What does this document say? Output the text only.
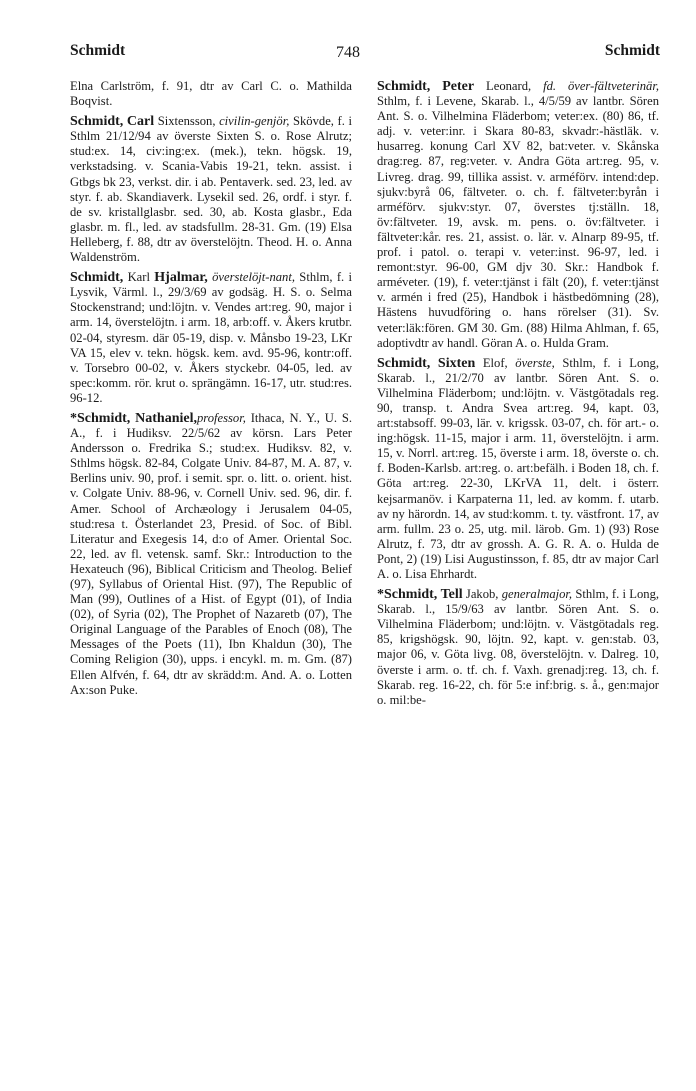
Schmidt	748	Schmidt

Elna Carlström, f. 91, dtr av Carl C. o. Mathilda Boqvist.

Schmidt, Carl Sixtensson, civilin-genjör, Skövde, f. i Sthlm 21/12/94 av överste Sixten S. o. Rose Alrutz; stud:ex. 14, civ:ing:ex. (mek.), tekn. högsk. 19, verkstadsing. v. Scania-Vabis 19-21, tekn. assist. i Gtbgs bk 23, verkst. dir. i ab. Pentaverk. sed. 23, led. av styr. f. ab. Skandiaverk. Lysekil sed. 26, ordf. i styr. f. de sv. kristallglasbr. sed. 30, ab. Kosta glasbr., Eda glasbr. m. fl., led. av stadsfullm. 28-31. Gm. (19) Elsa Helleberg, f. 88, dtr av överstelöjtn. Theod. H. o. Anna Waldenström.

Schmidt, Karl Hjalmar, överstelöjt-nant, Sthlm, f. i Lysvik, Värml. l., 29/3/69 av godsäg. H. S. o. Selma Stockenstrand; und:löjtn. v. Vendes art:reg. 90, major i arm. 14, överstelöjtn. i arm. 18, arb:off. v. Åkers krutbr. 02-04, styresm. där 05-19, disp. v. Månsbo 19-23, LKr VA 15, elev v. tekn. högsk. kem. avd. 95-96, kontr:off. v. Torsebro 00-02, v. Åkers styckebr. 04-05, led. av spec:komm. rör. krut o. sprängämn. 16-17, utr. stud:res. 96-12.

*Schmidt, Nathaniel,professor, Ithaca, N. Y., U. S. A., f. i Hudiksv. 22/5/62 av körsn. Lars Peter Andersson o. Fredrika S.; stud:ex. Hudiksv. 82, v. Sthlms högsk. 82-84, Colgate Univ. 84-87, M. A. 87, v. Berlins univ. 90, prof. i semit. spr. o. litt. o. orient. hist. v. Colgate Univ. 88-96, v. Cornell Univ. sed. 96, dir. f. Amer. School of Archæology i Jerusalem 04-05, stud:resa t. Österlandet 23, Presid. of Soc. of Bibl. Literatur and Exegesis 14, d:o of Amer. Oriental Soc. 22, led. av fl. vetensk. samf. Skr.: Introduction to the Hexateuch (96), Biblical Criticism and Theolog. Belief (97), Syllabus of Oriental Hist. (97), The Republic of Man (99), Outlines of a Hist. of Egypt (01), of India (02), of Syria (02), The Prophet of Nazaretb (07), The Original Language of the Parables of Enoch (08), The Messages of the Poets (11), Ibn Khaldun (30), The Coming Religion (30), upps. i encykl. m. m. Gm. (87) Ellen Alfvén, f. 64, dtr av skrädd:m. And. A. o. Lotten Ax:son Puke.

Schmidt, Peter Leonard, fd. över-fältveterinär, Sthlm, f. i Levene, Skarab. l., 4/5/59 av lantbr. Sören Ant. S. o. Vilhelmina Fläderbom; veter:ex. (80) 86, tf. adj. v. veter:inr. i Skara 80-83, skvadr:-hästläk. v. husarreg. konung Carl XV 82, bat:veter. v. Skånska drag:reg. 87, reg:veter. v. Andra Göta art:reg. 95, v. Livreg. drag. 99, tillika assist. v. arméförv. intend:dep. sjukv:byrå 06, fältveter. o. ch. f. fältveter:byrån i arméförv. sjukv:styr. 07, överstes tj:ställn. 18, öv:fältveter. 19, avsk. m. pens. o. öv:fältveter. i fältveter:kår. res. 21, assist. o. lär. v. Alnarp 89-95, tf. prof. i patol. o. terapi v. veter:inst. 96-97, led. i remont:styr. 96-00, GM djv 30. Skr.: Handbok f. arméveter. (19), f. veter:tjänst i fält (20), f. veter:tjänst v. armén i fred (25), Handbok i hästbedömning (28), Hästens huvudföring o. hans rörelser (31). Sv. veter:läk:fören. GM 30. Gm. (88) Hilma Ahlman, f. 65, adoptivdtr av handl. Göran A. o. Hulda Gram.

Schmidt, Sixten Elof, överste, Sthlm, f. i Long, Skarab. l., 21/2/70 av lantbr. Sören Ant. S. o. Vilhelmina Fläderbom; und:löjtn. v. Västgötadals reg. 90, transp. t. Andra Svea art:reg. 94, kapt. 03, art:stabsoff. 99-03, lär. v. krigssk. 03-07, ch. för art.- o. ing:högsk. 11-15, major i arm. 11, överstelöjtn. i arm. 15, v. Norrl. art:reg. 15, överste i arm. 18, överste o. ch. f. Boden-Karlsb. art:reg. o. art:befälh. i Boden 18, ch. f. Göta art:reg. 22-30, LKrVA 11, delt. i österr. kejsarmanöv. i Karpaterna 11, led. av komm. f. utarb. av ny härordn. 14, av stud:komm. t. ty. västfront. 17, av arm. fullm. 23 o. 25, utg. mil. lärob. Gm. 1) (93) Rose Alrutz, f. 73, dtr av grossh. A. G. R. A. o. Hulda de Pont, 2) (19) Lisi Augustinsson, f. 85, dtr av major Carl A. o. Lisa Ehrhardt.

*Schmidt, Tell Jakob, generalmajor, Sthlm, f. i Long, Skarab. l., 15/9/63 av lantbr. Sören Ant. S. o. Vilhelmina Fläderbom; und:löjtn. v. Västgötadals reg. 85, krigshögsk. 90, löjtn. 92, kapt. v. gen:stab. 03, major 06, v. Göta livg. 08, överstelöjtn. v. Dalreg. 10, överste i arm. o. tf. ch. f. Vaxh. grenadj:reg. 13, ch. f. Skarab. reg. 16-22, ch. för 5:e inf:brig. s. å., gen:major o. mil:be-
